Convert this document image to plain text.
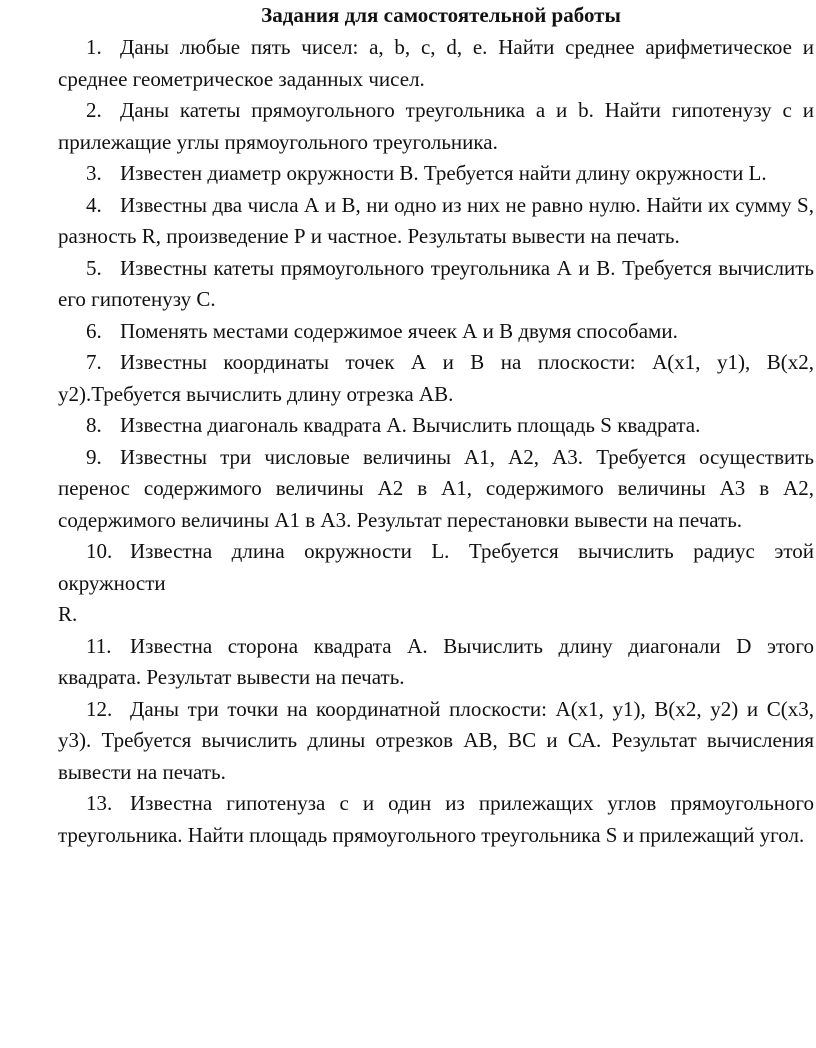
Задания для самостоятельной работы

1. Даны любые пять чисел: a, b, c, d, e. Найти среднее арифметическое и среднее геометрическое заданных чисел.

2. Даны катеты прямоугольного треугольника a и b. Найти гипотенузу с и прилежащие углы прямоугольного треугольника.

3. Известен диаметр окружности В. Требуется найти длину окружности L.

4. Известны два числа А и В, ни одно из них не равно нулю. Найти их сумму S, разность R, произведение Р и частное. Результаты вывести на печать.

5. Известны катеты прямоугольного треугольника А и В. Требуется вычислить его гипотенузу С.

6. Поменять местами содержимое ячеек А и В двумя способами.

7. Известны координаты точек А и В на плоскости: А(х1, у1), В(х2, у2).Требуется вычислить длину отрезка АВ.

8. Известна диагональ квадрата А. Вычислить площадь S квадрата.

9. Известны три числовые величины А1, А2, А3. Требуется осуществить перенос содержимого величины А2 в А1, содержимого величины А3 в А2, содержимого величины А1 в А3. Результат перестановки вывести на печать.

10. Известна длина окружности L. Требуется вычислить радиус этой окружности
R.

11. Известна сторона квадрата А. Вычислить длину диагонали D этого квадрата. Результат вывести на печать.

12. Даны три точки на координатной плоскости: А(х1, у1), В(х2, у2) и С(х3, у3). Требуется вычислить длины отрезков АВ, ВС и СА. Результат вычисления вывести на печать.

13. Известна гипотенуза с и один из прилежащих углов прямоугольного треугольника. Найти площадь прямоугольного треугольника S и прилежащий угол.
